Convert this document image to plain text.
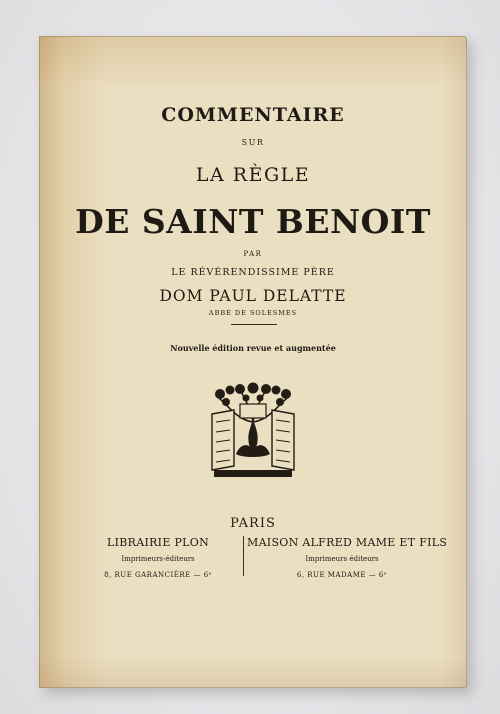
COMMENTAIRE
SUR
LA RÈGLE
DE SAINT BENOIT
PAR
LE RÉVÉRENDISSIME PÈRE
DOM PAUL DELATTE
ABBÉ DE SOLESMES
Nouvelle édition revue et augmentée
PARIS
LIBRAIRIE PLON
Imprimeurs-éditeurs
8, RUE GARANCIÈRE — 6ᵉ
MAISON ALFRED MAME ET FILS
Imprimeurs éditeurs
6, RUE MADAME — 6ᵉ
